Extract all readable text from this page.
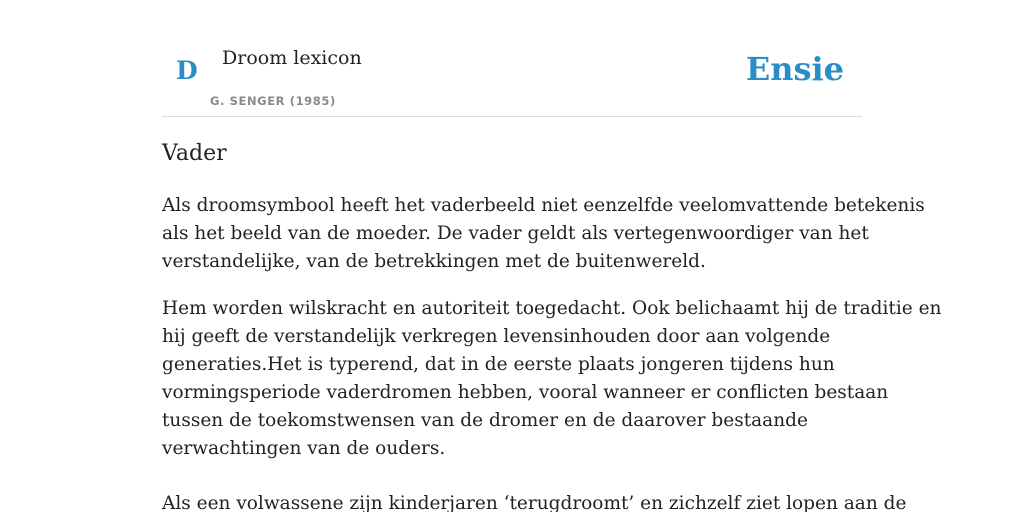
D Droom lexicon
G. SENGER (1985)
Ensie
Vader

Als droomsymbool heeft het vaderbeeld niet eenzelfde veelomvattende betekenis
als het beeld van de moeder. De vader geldt als vertegenwoordiger van het
verstandelijke, van de betrekkingen met de buitenwereld.

Hem worden wilskracht en autoriteit toegedacht. Ook belichaamt hij de traditie en
hij geeft de verstandelijk verkregen levensinhouden door aan volgende
generaties.Het is typerend, dat in de eerste plaats jongeren tijdens hun
vormingsperiode vaderdromen hebben, vooral wanneer er conflicten bestaan
tussen de toekomstwensen van de dromer en de daarover bestaande
verwachtingen van de ouders.

Als een volwassene zijn kinderjaren ‘terugdroomt’ en zichzelf ziet lopen aan de
